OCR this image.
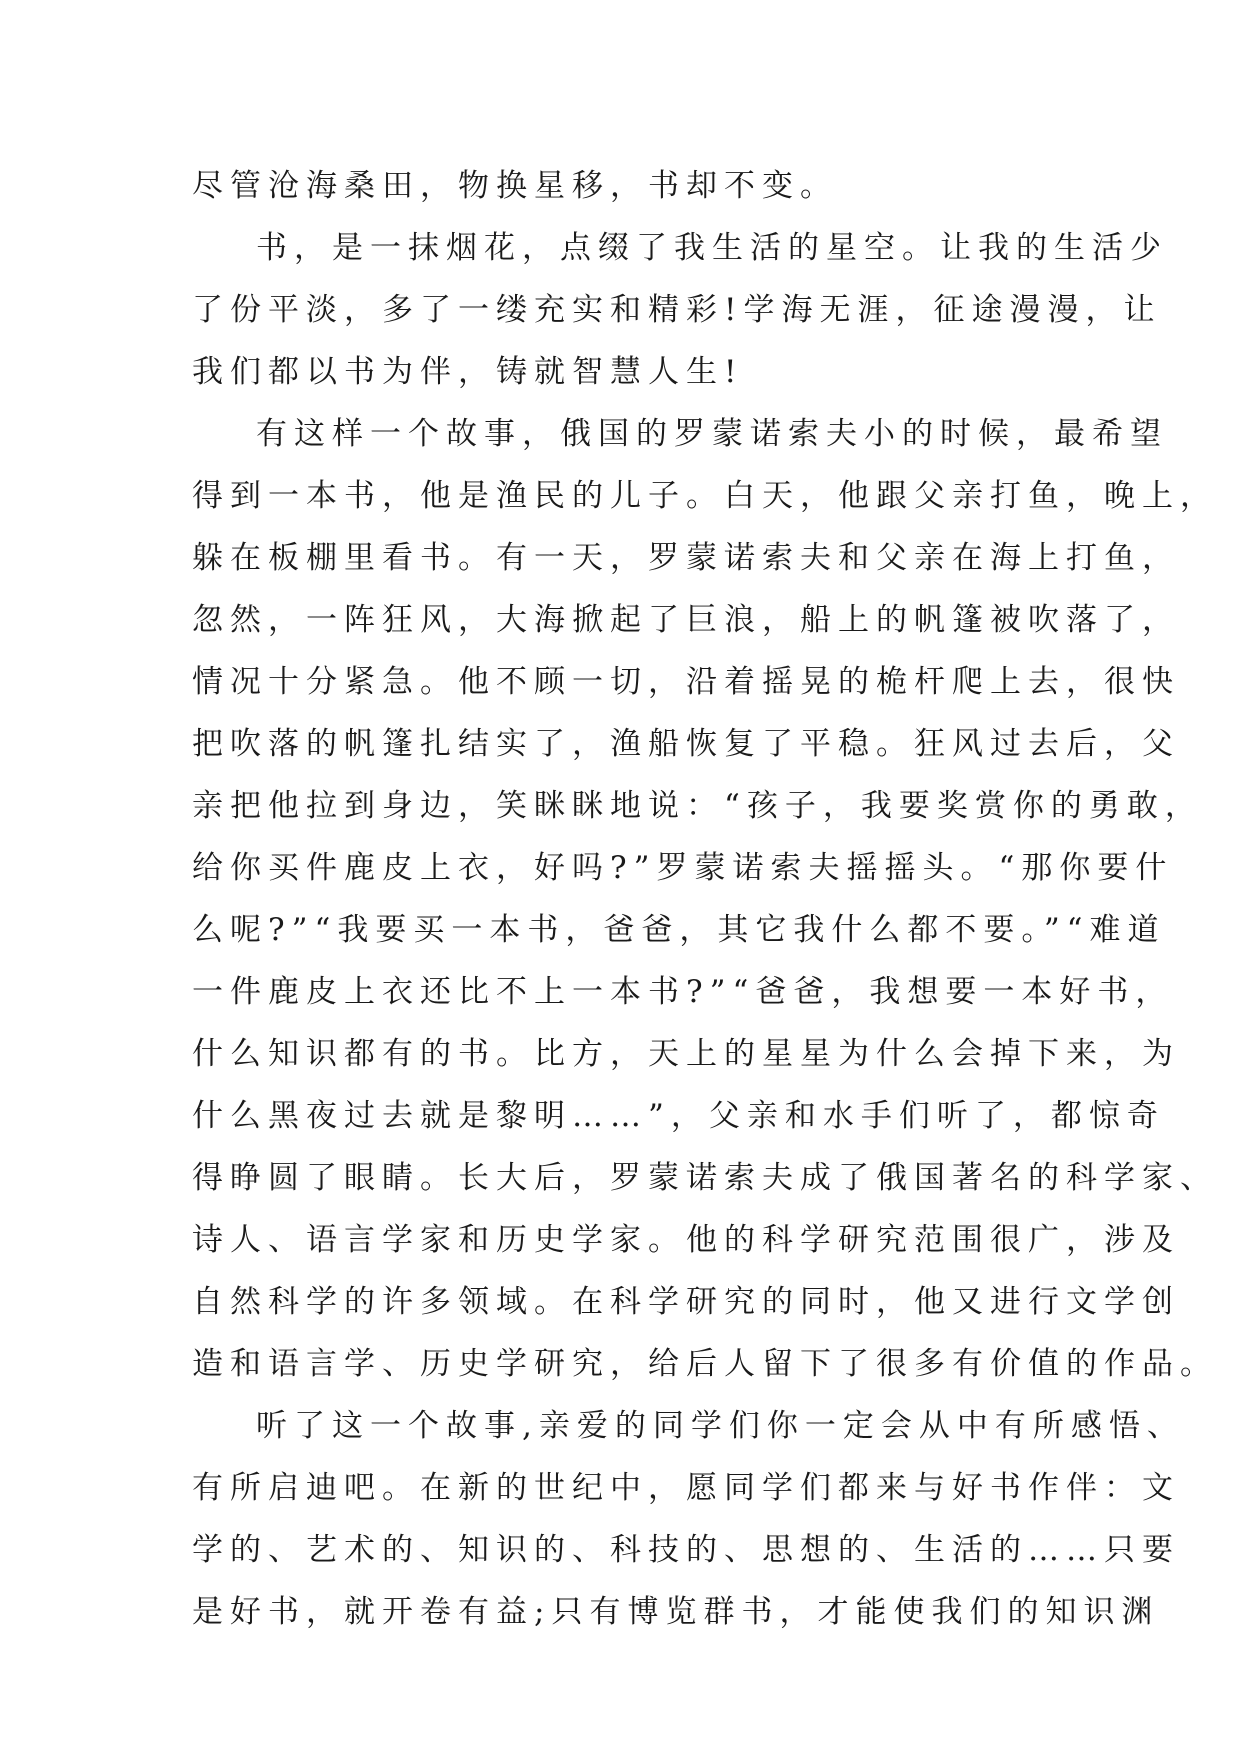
尽管沧海桑田，物换星移，书却不变。
书，是一抹烟花，点缀了我生活的星空。让我的生活少
了份平淡，多了一缕充实和精彩!学海无涯，征途漫漫，让
我们都以书为伴，铸就智慧人生!
有这样一个故事，俄国的罗蒙诺索夫小的时候，最希望
得到一本书，他是渔民的儿子。白天，他跟父亲打鱼，晚上，
躲在板棚里看书。有一天，罗蒙诺索夫和父亲在海上打鱼，
忽然，一阵狂风，大海掀起了巨浪，船上的帆篷被吹落了，
情况十分紧急。他不顾一切，沿着摇晃的桅杆爬上去，很快
把吹落的帆篷扎结实了，渔船恢复了平稳。狂风过去后，父
亲把他拉到身边，笑眯眯地说：“孩子，我要奖赏你的勇敢，
给你买件鹿皮上衣，好吗?”罗蒙诺索夫摇摇头。“那你要什
么呢?”“我要买一本书，爸爸，其它我什么都不要。”“难道
一件鹿皮上衣还比不上一本书?”“爸爸，我想要一本好书，
什么知识都有的书。比方，天上的星星为什么会掉下来，为
什么黑夜过去就是黎明……”，父亲和水手们听了，都惊奇
得睁圆了眼睛。长大后，罗蒙诺索夫成了俄国著名的科学家、
诗人、语言学家和历史学家。他的科学研究范围很广，涉及
自然科学的许多领域。在科学研究的同时，他又进行文学创
造和语言学、历史学研究，给后人留下了很多有价值的作品。
听了这一个故事,亲爱的同学们你一定会从中有所感悟、
有所启迪吧。在新的世纪中，愿同学们都来与好书作伴：文
学的、艺术的、知识的、科技的、思想的、生活的……只要
是好书，就开卷有益;只有博览群书，才能使我们的知识渊
